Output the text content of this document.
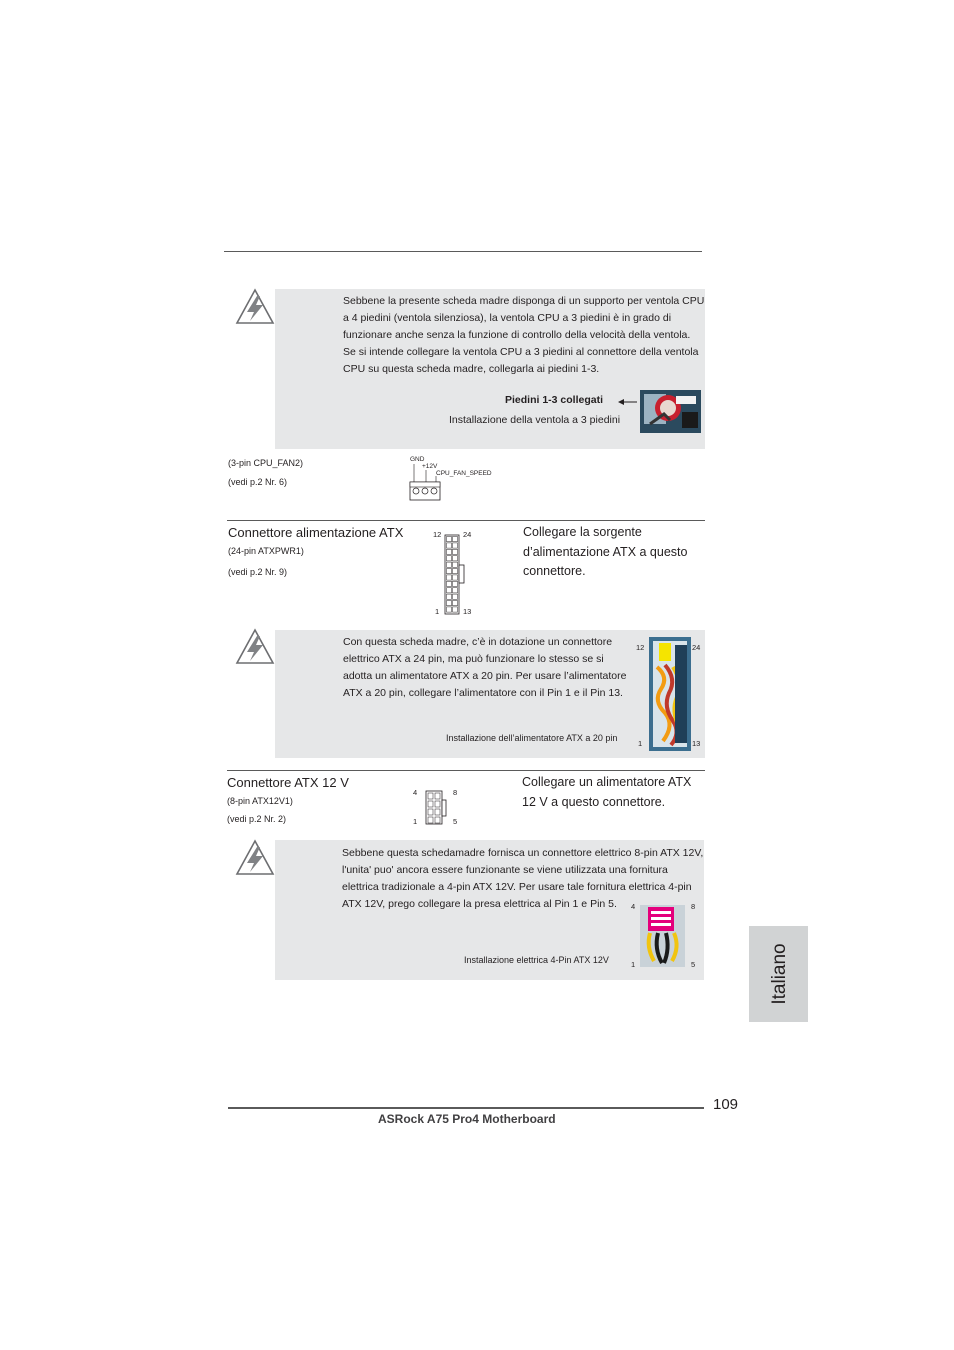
Sebbene la presente scheda madre disponga di un supporto per ventola CPU a 4 piedini (ventola silenziosa), la ventola CPU a 3 piedini è in grado di funzionare anche senza la funzione di controllo della velocità della ventola. Se si intende collegare la ventola CPU a 3 piedini al connettore della ventola CPU su questa scheda madre, collegarla ai piedini 1-3.
Piedini 1-3 collegati
Installazione della ventola a 3 piedini
(3-pin CPU_FAN2)
(vedi p.2 Nr. 6)
GND
+12V
CPU_FAN_SPEED
Connettore alimentazione ATX
(24-pin ATXPWR1)
(vedi p.2 Nr. 9)
Collegare la sorgente d’alimentazione ATX a questo connettore.
12	24
1	13
Con questa scheda madre, c’è in dotazione un connettore elettrico ATX a 24 pin, ma può funzionare lo stesso se si adotta un alimentatore ATX a 20 pin. Per usare l’alimentatore ATX a 20 pin, collegare l’alimentatore con il Pin 1 e il Pin 13.
Installazione dell’alimentatore ATX a 20 pin
12	24
1	13
Connettore ATX 12 V
(8-pin ATX12V1)
(vedi p.2 Nr. 2)
Collegare un alimentatore ATX 12 V a questo connettore.
4	8
1	5
Sebbene questa schedamadre fornisca un connettore elettrico 8-pin ATX 12V, l'unita' puo' ancora essere funzionante se viene utilizzata una fornitura elettrica tradizionale a 4-pin ATX 12V. Per usare tale fornitura elettrica 4-pin ATX 12V, prego collegare la presa elettrica al Pin 1 e Pin 5.
Installazione elettrica 4-Pin ATX 12V
4	8
1	5	Italiano
109
ASRock A75 Pro4 Motherboard
